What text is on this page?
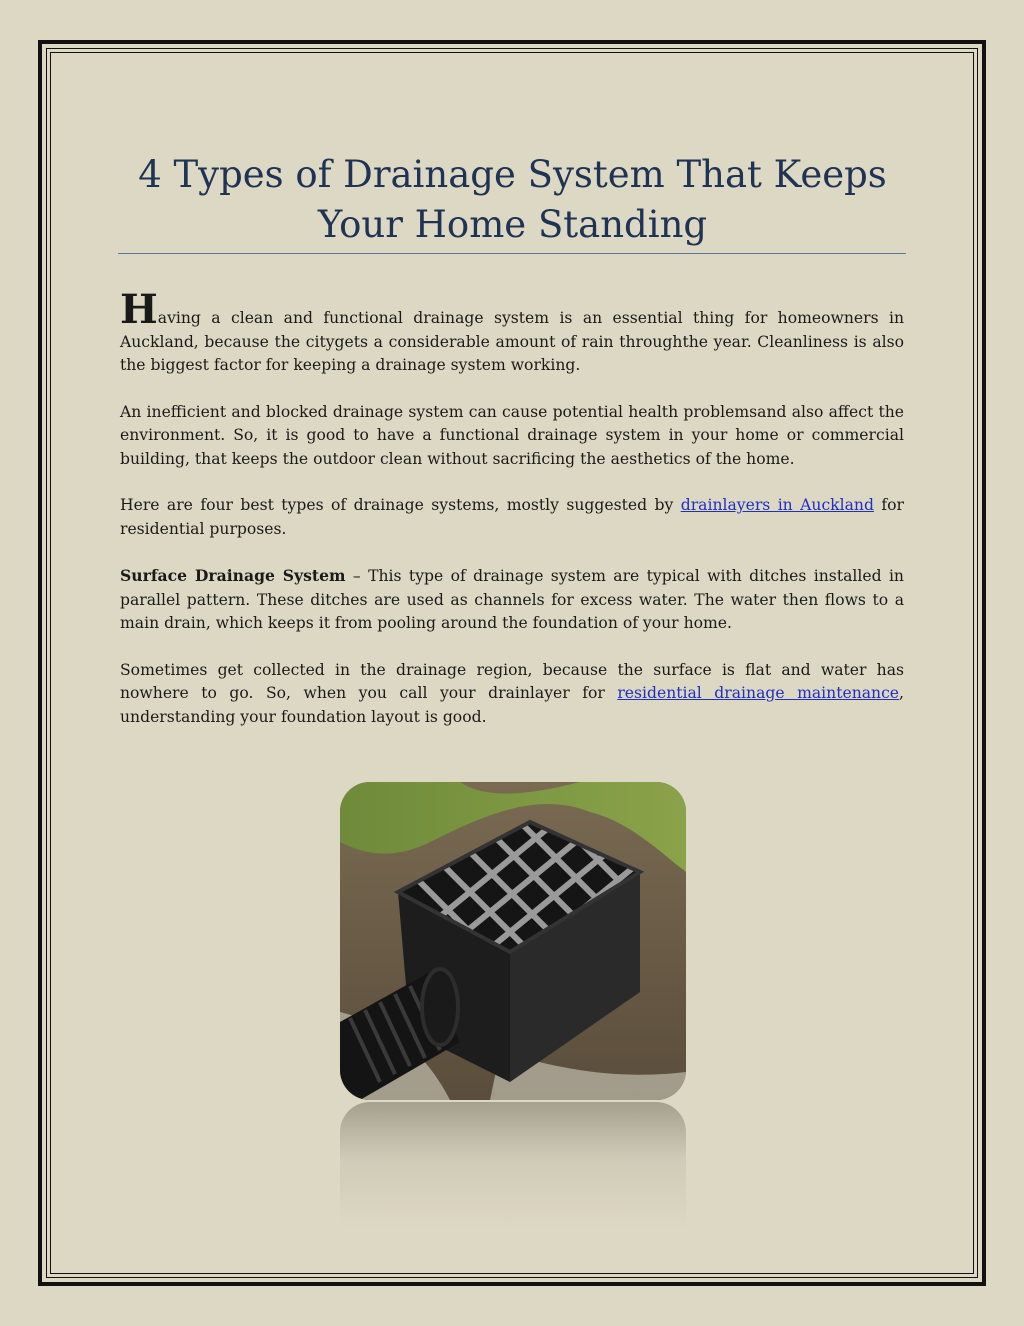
4 Types of Drainage System That Keeps Your Home Standing

Having a clean and functional drainage system is an essential thing for homeowners in Auckland, because the citygets a considerable amount of rain throughthe year. Cleanliness is also the biggest factor for keeping a drainage system working.

An inefficient and blocked drainage system can cause potential health problemsand also affect the environment. So, it is good to have a functional drainage system in your home or commercial building, that keeps the outdoor clean without sacrificing the aesthetics of the home.

Here are four best types of drainage systems, mostly suggested by drainlayers in Auckland for residential purposes.

Surface Drainage System – This type of drainage system are typical with ditches installed in parallel pattern. These ditches are used as channels for excess water. The water then flows to a main drain, which keeps it from pooling around the foundation of your home.

Sometimes get collected in the drainage region, because the surface is flat and water has nowhere to go. So, when you call your drainlayer for residential drainage maintenance, understanding your foundation layout is good.
